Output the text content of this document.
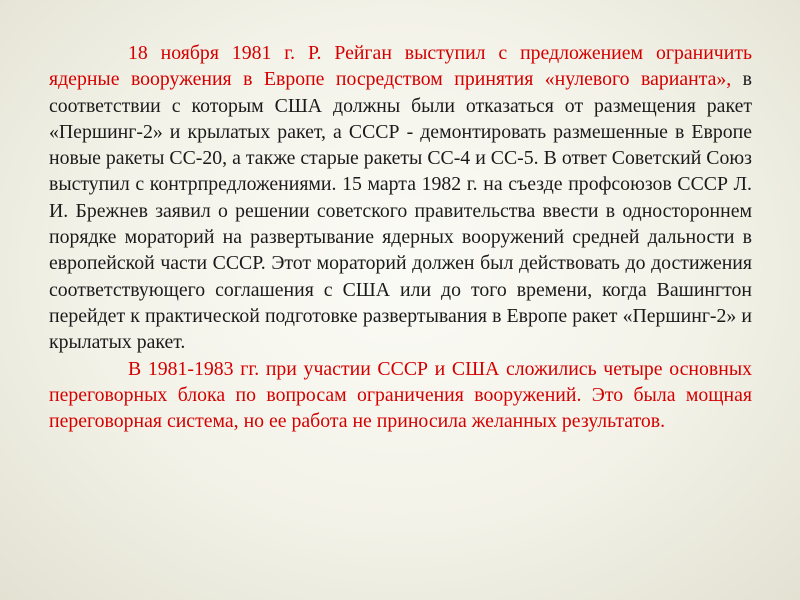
18 ноября 1981 г. Р. Рейган выступил с предложением ограничить ядерные вооружения в Европе посредством принятия «нулевого варианта», в соответствии с которым США должны были отказаться от размещения ракет «Першинг-2» и крылатых ракет, а СССР - демонтировать размешенные в Европе новые ракеты СС-20, а также старые ракеты СС-4 и СС-5. В ответ Советский Союз выступил с контрпредложениями. 15 марта 1982 г. на съезде профсоюзов СССР Л. И. Брежнев заявил о решении советского правительства ввести в одностороннем порядке мораторий на развертывание ядерных вооружений средней дальности в европейской части СССР. Этот мораторий должен был действовать до достижения соответствующего соглашения с США или до того времени, когда Вашингтон перейдет к практической подготовке развертывания в Европе ракет «Першинг-2» и крылатых ракет.

В 1981-1983 гг. при участии СССР и США сложились четыре основных переговорных блока по вопросам ограничения вооружений. Это была мощная переговорная система, но ее работа не приносила желанных результатов.
